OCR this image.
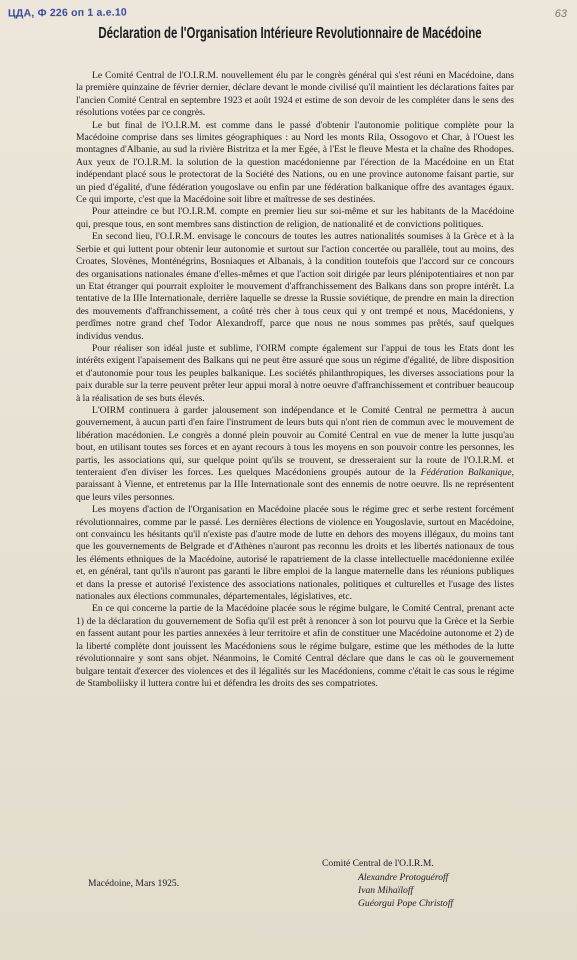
ЦДА, Ф 226 оп 1 а.е.10	63
Déclaration de l'Organisation Intérieure Revolutionnaire de Macédoine

Le Comité Central de l'O.I.R.M. nouvellement élu par le congrès général qui s'est réuni en Macédoine, dans la première quinzaine de février dernier, déclare devant le monde civilisé qu'il maintient les déclarations faites par l'ancien Comité Central en septembre 1923 et août 1924 et estime de son devoir de les compléter dans le sens des résolutions votées par ce congrès.

Le but final de l'O.I.R.M. est comme dans le passé d'obtenir l'autonomie politique complète pour la Macédoine comprise dans ses limites géographiques : au Nord les monts Rila, Ossogovo et Char, à l'Ouest les montagnes d'Albanie, au sud la rivière Bistritza et la mer Egée, à l'Est le fleuve Mesta et la chaîne des Rhodopes. Aux yeux de l'O.I.R.M. la solution de la question macédonienne par l'érection de la Macédoine en un Etat indépendant placé sous le protectorat de la Société des Nations, ou en une province autonome faisant partie, sur un pied d'égalité, d'une fédération yougoslave ou enfin par une fédération balkanique offre des avantages égaux. Ce qui importe, c'est que la Macédoine soit libre et maîtresse de ses destinées.

Pour atteindre ce but l'O.I.R.M. compte en premier lieu sur soi-même et sur les habitants de la Macédoine qui, presque tous, en sont membres sans distinction de religion, de nationalité et de convictions politiques.

En second lieu, l'O.I.R.M. envisage le concours de toutes les autres nationalités soumises à la Grèce et à la Serbie et qui luttent pour obtenir leur autonomie et surtout sur l'action concertée ou parallèle, tout au moins, des Croates, Slovènes, Monténégrins, Bosniaques et Albanais, à la condition toutefois que l'accord sur ce concours des organisations nationales émane d'elles-mêmes et que l'action soit dirigée par leurs plénipotentiaires et non par un Etat étranger qui pourrait exploiter le mouvement d'affranchissement des Balkans dans son propre intérêt. La tentative de la IIIe Internationale, derrière laquelle se dresse la Russie soviétique, de prendre en main la direction des mouvements d'affranchissement, a coûté très cher à tous ceux qui y ont trempé et nous, Macédoniens, y perdîmes notre grand chef Todor Alexandroff, parce que nous ne nous sommes pas prêtés, sauf quelques individus vendus.

Pour réaliser son idéal juste et sublime, l'OIRM compte également sur l'appui de tous les Etats dont les intérêts exigent l'apaisement des Balkans qui ne peut être assuré que sous un régime d'égalité, de libre disposition et d'autonomie pour tous les peuples balkanique. Les sociétés philanthropiques, les diverses associations pour la paix durable sur la terre peuvent prêter leur appui moral à notre oeuvre d'affranchissement et contribuer beaucoup à la réalisation de ses buts élevés.

L'OIRM continuera à garder jalousement son indépendance et le Comité Central ne permettra à aucun gouvernement, à aucun parti d'en faire l'instrument de leurs buts qui n'ont rien de commun avec le mouvement de libération macédonien. Le congrès a donné plein pouvoir au Comité Central en vue de mener la lutte jusqu'au bout, en utilisant toutes ses forces et en ayant recours à tous les moyens en son pouvoir contre les personnes, les partis, les associations qui, sur quelque point qu'ils se trouvent, se dresseraient sur la route de l'O.I.R.M. et tenteraient d'en diviser les forces. Les quelques Macédoniens groupés autour de la Fédération Balkanique, paraissant à Vienne, et entretenus par la IIIe Internationale sont des ennemis de notre oeuvre. Ils ne représentent que leurs viles personnes.

Les moyens d'action de l'Organisation en Macédoine placée sous le régime grec et serbe restent forcément révolutionnaires, comme par le passé. Les dernières élections de violence en Yougoslavie, surtout en Macédoine, ont convaincu les hésitants qu'il n'existe pas d'autre mode de lutte en dehors des moyens illégaux, du moins tant que les gouvernements de Belgrade et d'Athènes n'auront pas reconnu les droits et les libertés nationaux de tous les éléments ethniques de la Macédoine, autorisé le rapatriement de la classe intellectuelle macédonienne exilée et, en général, tant qu'ils n'auront pas garanti le libre emploi de la langue maternelle dans les réunions publiques et dans la presse et autorisé l'existence des associations nationales, politiques et culturelles et l'usage des listes nationales aux élections communales, départementales, législatives, etc.

En ce qui concerne la partie de la Macédoine placée sous le régime bulgare, le Comité Central, prenant acte 1) de la déclaration du gouvernement de Sofia qu'il est prêt à renoncer à son lot pourvu que la Grèce et la Serbie en fassent autant pour les parties annexées à leur territoire et afin de constituer une Macédoine autonome et 2) de la liberté complète dont jouissent les Macédoniens sous le régime bulgare, estime que les méthodes de la lutte révolutionnaire y sont sans objet. Néanmoins, le Comité Central déclare que dans le cas où le gouvernement bulgare tentait d'exercer des violences et des il légalités sur les Macédoniens, comme c'était le cas sous le régime de Stamboliisky il luttera contre lui et défendra les droits des ses compatriotes.

Macédoine, Mars 1925.
Comité Central de l'O.I.R.M.
Alexandre Protoguéroff
Ivan Mihaïloff
Guéorgui Pope Christoff
